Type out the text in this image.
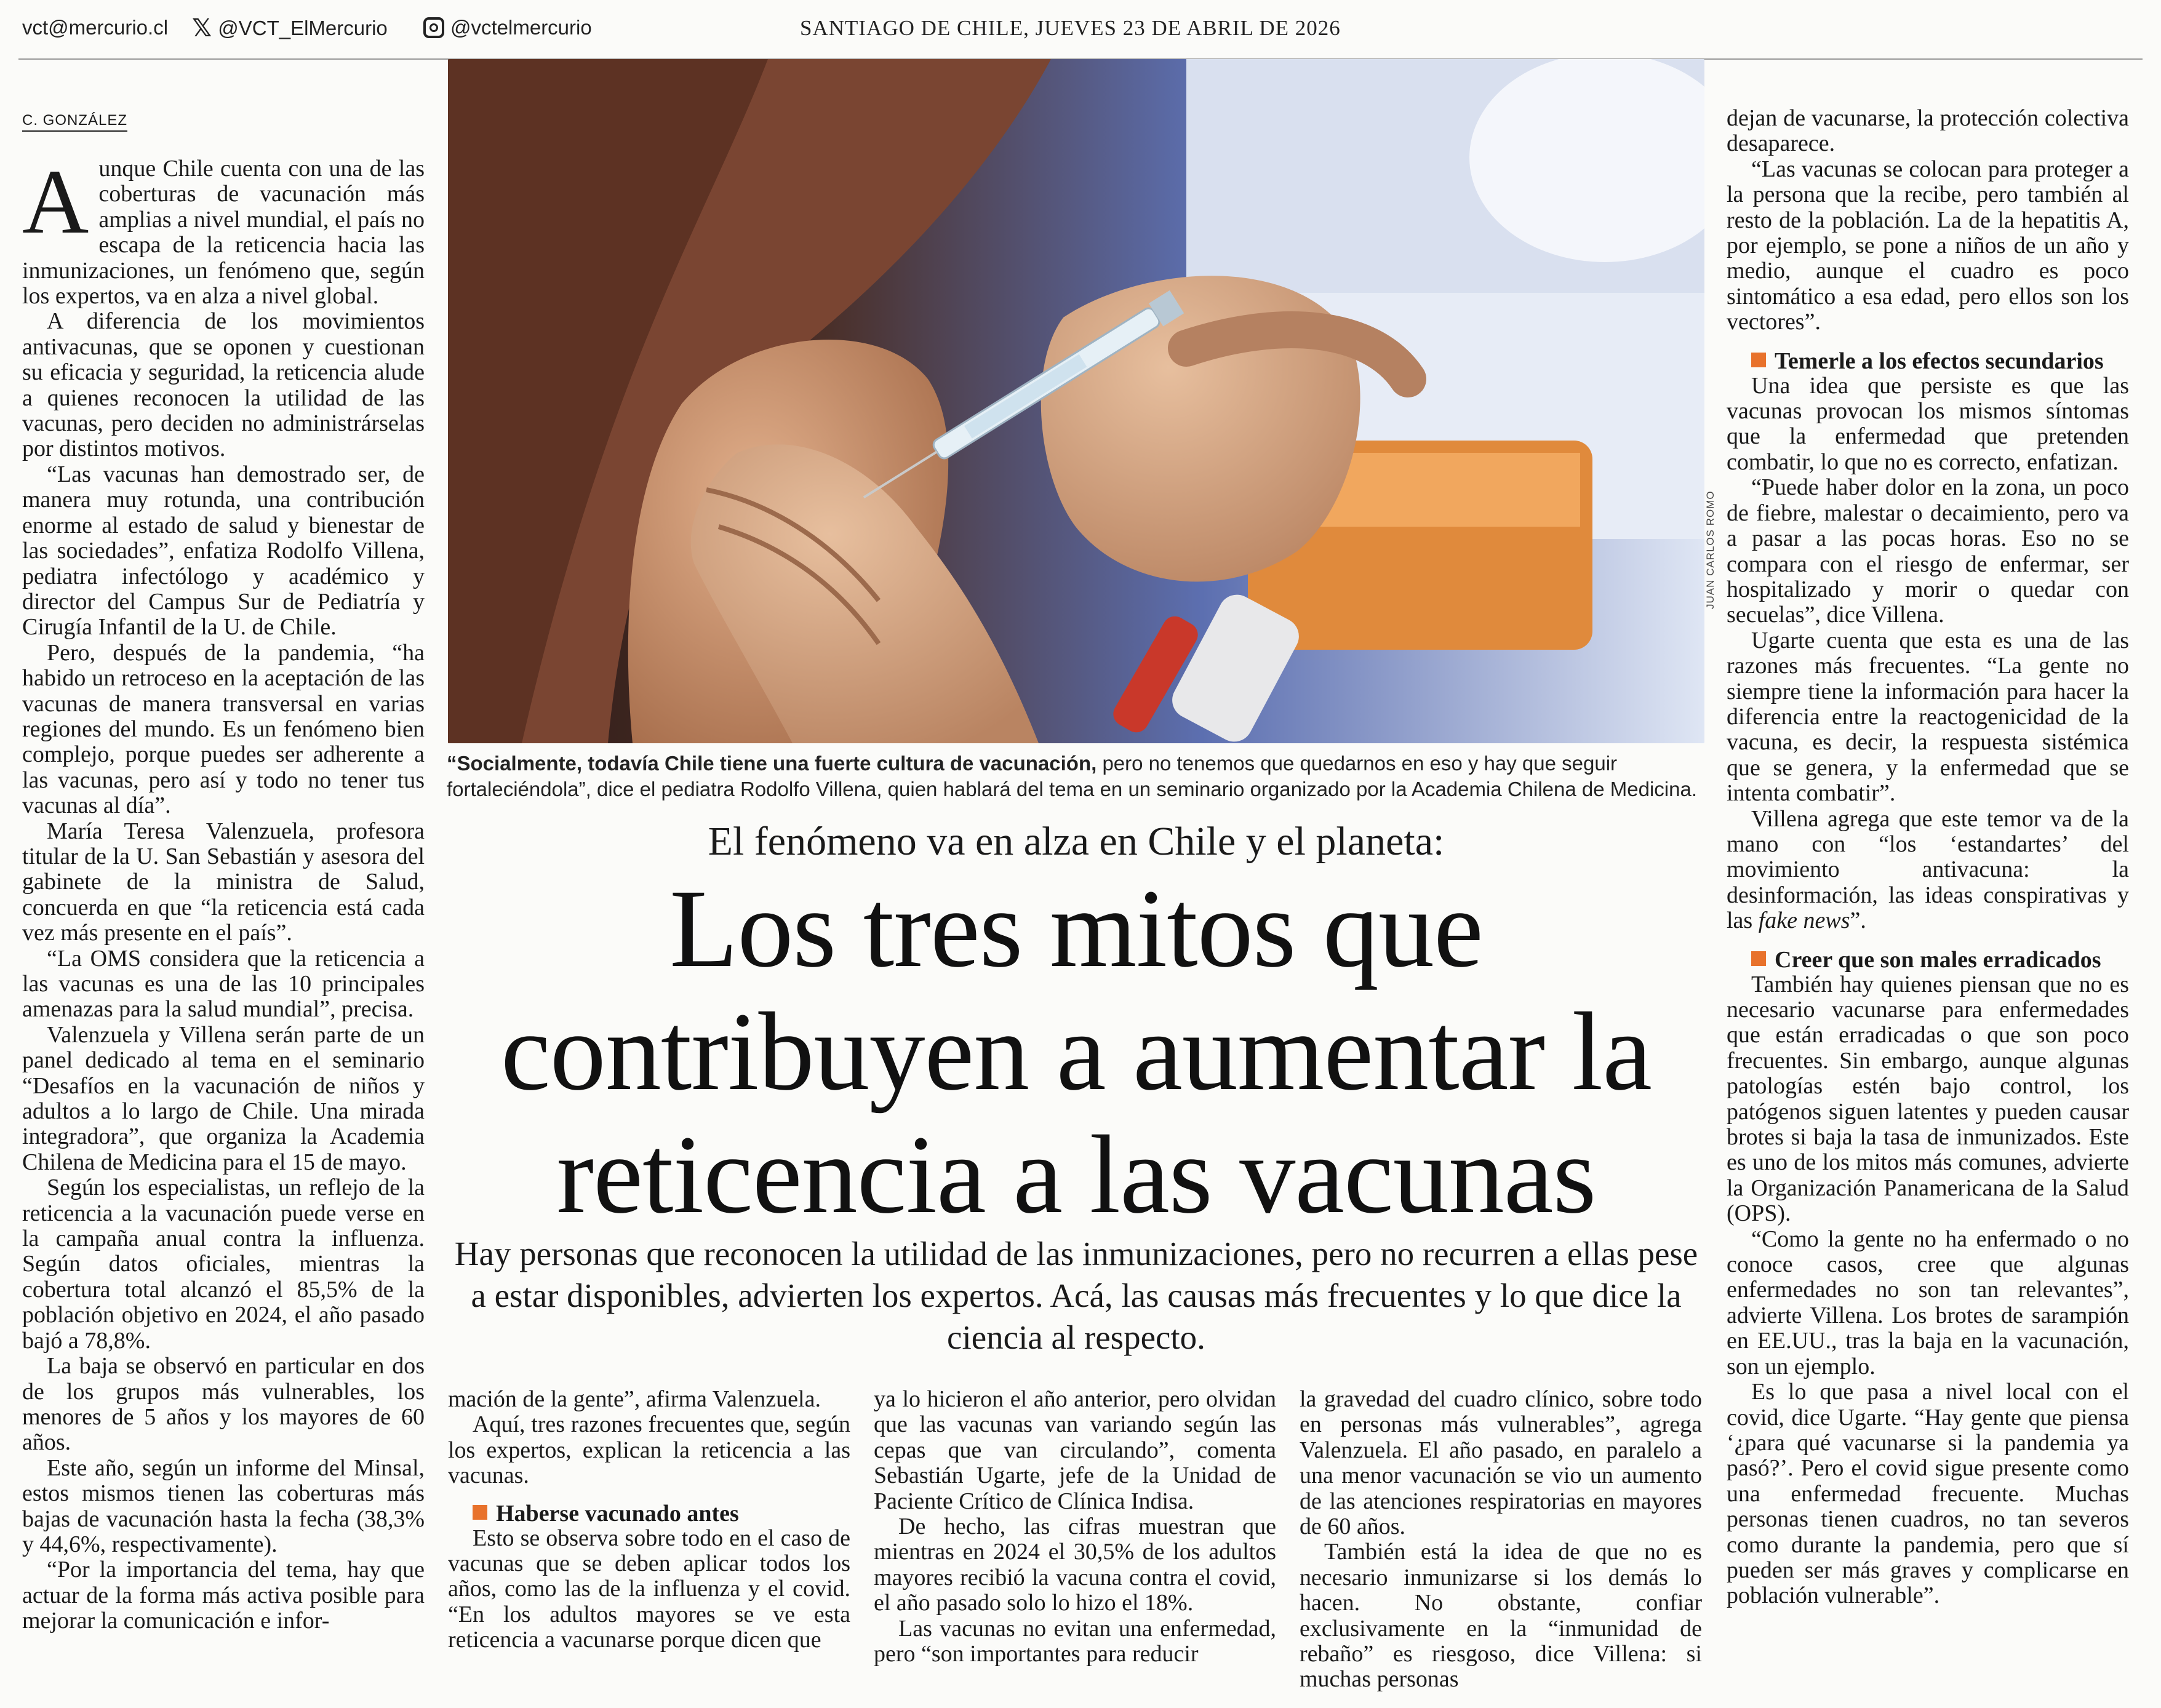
vct@mercurio.cl 𝕏 @VCT_ElMercurio	@vctelmercurio	SANTIAGO DE CHILE, JUEVES 23 DE ABRIL DE 2026
C. GONZÁLEZ

Aunque Chile cuenta con una de las coberturas de vacunación más amplias a nivel mundial, el país no escapa de la reticencia hacia las inmunizaciones, un fenómeno que, según los expertos, va en alza a nivel global.

A diferencia de los movimientos antivacunas, que se oponen y cuestionan su eficacia y seguridad, la reticencia alude a quienes reconocen la utilidad de las vacunas, pero deciden no administrárselas por distintos motivos.

“Las vacunas han demostrado ser, de manera muy rotunda, una contribución enorme al estado de salud y bienestar de las sociedades”, enfatiza Rodolfo Villena, pediatra infectólogo y académico y director del Campus Sur de Pediatría y Cirugía Infantil de la U. de Chile.

Pero, después de la pandemia, “ha habido un retroceso en la aceptación de las vacunas de manera transversal en varias regiones del mundo. Es un fenómeno bien complejo, porque puedes ser adherente a las vacunas, pero así y todo no tener tus vacunas al día”.

María Teresa Valenzuela, profesora titular de la U. San Sebastián y asesora del gabinete de la ministra de Salud, concuerda en que “la reticencia está cada vez más presente en el país”.

“La OMS considera que la reticencia a las vacunas es una de las 10 principales amenazas para la salud mundial”, precisa.

Valenzuela y Villena serán parte de un panel dedicado al tema en el seminario “Desafíos en la vacunación de niños y adultos a lo largo de Chile. Una mirada integradora”, que organiza la Academia Chilena de Medicina para el 15 de mayo.

Según los especialistas, un reflejo de la reticencia a la vacunación puede verse en la campaña anual contra la influenza. Según datos oficiales, mientras la cobertura total alcanzó el 85,5% de la población objetivo en 2024, el año pasado bajó a 78,8%.

La baja se observó en particular en dos de los grupos más vulnerables, los menores de 5 años y los mayores de 60 años.

Este año, según un informe del Minsal, estos mismos tienen las coberturas más bajas de vacunación hasta la fecha (38,3% y 44,6%, respectivamente).

“Por la importancia del tema, hay que actuar de la forma más activa posible para mejorar la comunicación e infor-

JUAN CARLOS ROMO
“Socialmente, todavía Chile tiene una fuerte cultura de vacunación, pero no tenemos que quedarnos en eso y hay que seguir fortaleciéndola”, dice el pediatra Rodolfo Villena, quien hablará del tema en un seminario organizado por la Academia Chilena de Medicina.
El fenómeno va en alza en Chile y el planeta:
Los tres mitos que contribuyen a aumentar la reticencia a las vacunas
Hay personas que reconocen la utilidad de las inmunizaciones, pero no recurren a ellas pese a estar disponibles, advierten los expertos. Acá, las causas más frecuentes y lo que dice la ciencia al respecto.

mación de la gente”, afirma Valenzuela.

Aquí, tres razones frecuentes que, según los expertos, explican la reticencia a las vacunas.

Haberse vacunado antes

Esto se observa sobre todo en el caso de vacunas que se deben aplicar todos los años, como las de la influenza y el covid. “En los adultos mayores se ve esta reticencia a vacunarse porque dicen que

ya lo hicieron el año anterior, pero olvidan que las vacunas van variando según las cepas que van circulando”, comenta Sebastián Ugarte, jefe de la Unidad de Paciente Crítico de Clínica Indisa.

De hecho, las cifras muestran que mientras en 2024 el 30,5% de los adultos mayores recibió la vacuna contra el covid, el año pasado solo lo hizo el 18%.

Las vacunas no evitan una enfermedad, pero “son importantes para reducir

la gravedad del cuadro clínico, sobre todo en personas más vulnerables”, agrega Valenzuela. El año pasado, en paralelo a una menor vacunación se vio un aumento de las atenciones respiratorias en mayores de 60 años.

También está la idea de que no es necesario inmunizarse si los demás lo hacen. No obstante, confiar exclusivamente en la “inmunidad de rebaño” es riesgoso, dice Villena: si muchas personas

dejan de vacunarse, la protección colectiva desaparece.

“Las vacunas se colocan para proteger a la persona que la recibe, pero también al resto de la población. La de la hepatitis A, por ejemplo, se pone a niños de un año y medio, aunque el cuadro es poco sintomático a esa edad, pero ellos son los vectores”.

Temerle a los efectos secundarios

Una idea que persiste es que las vacunas provocan los mismos síntomas que la enfermedad que pretenden combatir, lo que no es correcto, enfatizan.

“Puede haber dolor en la zona, un poco de fiebre, malestar o decaimiento, pero va a pasar a las pocas horas. Eso no se compara con el riesgo de enfermar, ser hospitalizado y morir o quedar con secuelas”, dice Villena.

Ugarte cuenta que esta es una de las razones más frecuentes. “La gente no siempre tiene la información para hacer la diferencia entre la reactogenicidad de la vacuna, es decir, la respuesta sistémica que se genera, y la enfermedad que se intenta combatir”.

Villena agrega que este temor va de la mano con “los ‘estandartes’ del movimiento antivacuna: la desinformación, las ideas conspirativas y las fake news”.

Creer que son males erradicados

También hay quienes piensan que no es necesario vacunarse para enfermedades que están erradicadas o que son poco frecuentes. Sin embargo, aunque algunas patologías estén bajo control, los patógenos siguen latentes y pueden causar brotes si baja la tasa de inmunizados. Este es uno de los mitos más comunes, advierte la Organización Panamericana de la Salud (OPS).

“Como la gente no ha enfermado o no conoce casos, cree que algunas enfermedades no son tan relevantes”, advierte Villena. Los brotes de sarampión en EE.UU., tras la baja en la vacunación, son un ejemplo.

Es lo que pasa a nivel local con el covid, dice Ugarte. “Hay gente que piensa ‘¿para qué vacunarse si la pandemia ya pasó?’. Pero el covid sigue presente como una enfermedad frecuente. Muchas personas tienen cuadros, no tan severos como durante la pandemia, pero que sí pueden ser más graves y complicarse en población vulnerable”.
